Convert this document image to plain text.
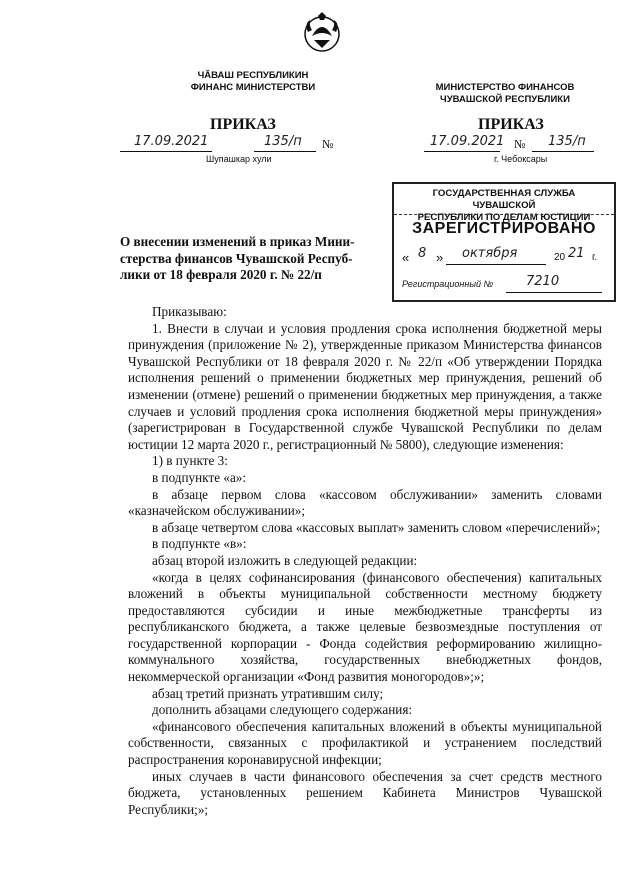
ЧĂВАШ РЕСПУБЛИКИН
ФИНАНС МИНИСТЕРСТВИ
ПРИКАЗ
17.09.2021	135/п №
Шупашкар хули
МИНИСТЕРСТВО ФИНАНСОВ
ЧУВАШСКОЙ РЕСПУБЛИКИ
ПРИКАЗ
17.09.2021 № 135/п
г. Чебоксары
ГОСУДАРСТВЕННАЯ СЛУЖБА ЧУВАШСКОЙ
РЕСПУБЛИКИ ПО ДЕЛАМ ЮСТИЦИИ
ЗАРЕГИСТРИРОВАНО
« 8 » октября	20 21 г.
Регистрационный №	7210
О внесении изменений в приказ Мини-
стерства финансов Чувашской Респуб-
лики от 18 февраля 2020 г. № 22/п

Приказываю:

1. Внести в случаи и условия продления срока исполнения бюджетной меры принуждения (приложение № 2), утвержденные приказом Министерства финансов Чувашской Республики от 18 февраля 2020 г. № 22/п «Об утверждении Порядка исполнения решений о применении бюджетных мер принуждения, решений об изменении (отмене) решений о применении бюджетных мер принуждения, а также случаев и условий продления срока исполнения бюджетной меры принуждения» (зарегистрирован в Государственной службе Чувашской Республики по делам юстиции 12 марта 2020 г., регистрационный № 5800), следующие изменения:

1) в пункте 3:

в подпункте «а»:

в абзаце первом слова «кассовом обслуживании» заменить словами «казначейском обслуживании»;

в абзаце четвертом слова «кассовых выплат» заменить словом «перечислений»;

в подпункте «в»:

абзац второй изложить в следующей редакции:

«когда в целях софинансирования (финансового обеспечения) капитальных вложений в объекты муниципальной собственности местному бюджету предоставляются субсидии и иные межбюджетные трансферты из республиканского бюджета, а также целевые безвозмездные поступления от государственной корпорации - Фонда содействия реформированию жилищно-коммунального хозяйства, государственных внебюджетных фондов, некоммерческой организации «Фонд развития моногородов»;»;

абзац третий признать утратившим силу;

дополнить абзацами следующего содержания:

«финансового обеспечения капитальных вложений в объекты муниципальной собственности, связанных с профилактикой и устранением последствий распространения коронавирусной инфекции;

иных случаев в части финансового обеспечения за счет средств местного бюджета, установленных решением Кабинета Министров Чувашской Республики;»;
